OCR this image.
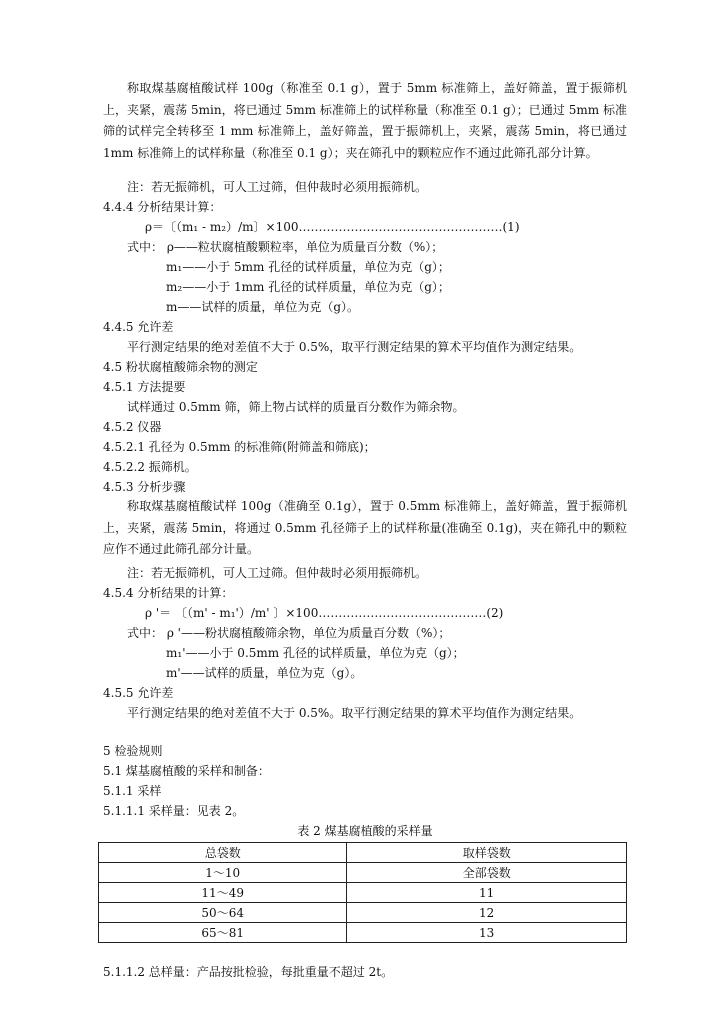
称取煤基腐植酸试样 100g（称准至 0.1 g），置于 5mm 标准筛上，盖好筛盖，置于振筛机上，夹紧，震荡 5min，将已通过 5mm 标准筛上的试样称量（称准至 0.1 g）；已通过 5mm 标准筛的试样完全转移至 1 mm 标准筛上，盖好筛盖，置于振筛机上，夹紧，震荡 5min，将已通过 1mm 标准筛上的试样称量（称准至 0.1 g）；夹在筛孔中的颗粒应作不通过此筛孔部分计算。
注：若无振筛机，可人工过筛，但仲裁时必须用振筛机。
4.4.4 分析结果计算：
ρ＝〔（m₁ - m₂）/m〕×100……………………………………………(1)
式中： ρ——粒状腐植酸颗粒率，单位为质量百分数（%）；
m₁——小于 5mm 孔径的试样质量，单位为克（g）；
m₂——小于 1mm 孔径的试样质量，单位为克（g）；
m——试样的质量，单位为克（g）。
4.4.5 允许差
平行测定结果的绝对差值不大于 0.5%，取平行测定结果的算术平均值作为测定结果。
4.5 粉状腐植酸筛余物的测定
4.5.1 方法提要
试样通过 0.5mm 筛，筛上物占试样的质量百分数作为筛余物。
4.5.2 仪器
4.5.2.1 孔径为 0.5mm 的标准筛(附筛盖和筛底)；
4.5.2.2 振筛机。
4.5.3 分析步骤
称取煤基腐植酸试样 100g（准确至 0.1g），置于 0.5mm 标准筛上，盖好筛盖，置于振筛机上，夹紧，震荡 5min，将通过 0.5mm 孔径筛子上的试样称量(准确至 0.1g)，夹在筛孔中的颗粒应作不通过此筛孔部分计量。
注：若无振筛机，可人工过筛。但仲裁时必须用振筛机。
4.5.4 分析结果的计算：
ρ '＝ 〔（m' - m₁'）/m' 〕×100……………………………………(2)
式中： ρ '——粉状腐植酸筛余物，单位为质量百分数（%）；
m₁'——小于 0.5mm 孔径的试样质量，单位为克（g）；
m'——试样的质量，单位为克（g）。
4.5.5 允许差
平行测定结果的绝对差值不大于 0.5%。取平行测定结果的算术平均值作为测定结果。
5 检验规则
5.1 煤基腐植酸的采样和制备：
5.1.1 采样
5.1.1.1 采样量：见表 2。
表 2 煤基腐植酸的采样量
总袋数	取样袋数
1～10	全部袋数
11～49	11
50～64	12
65～81	13
5.1.1.2 总样量：产品按批检验，每批重量不超过 2t。
